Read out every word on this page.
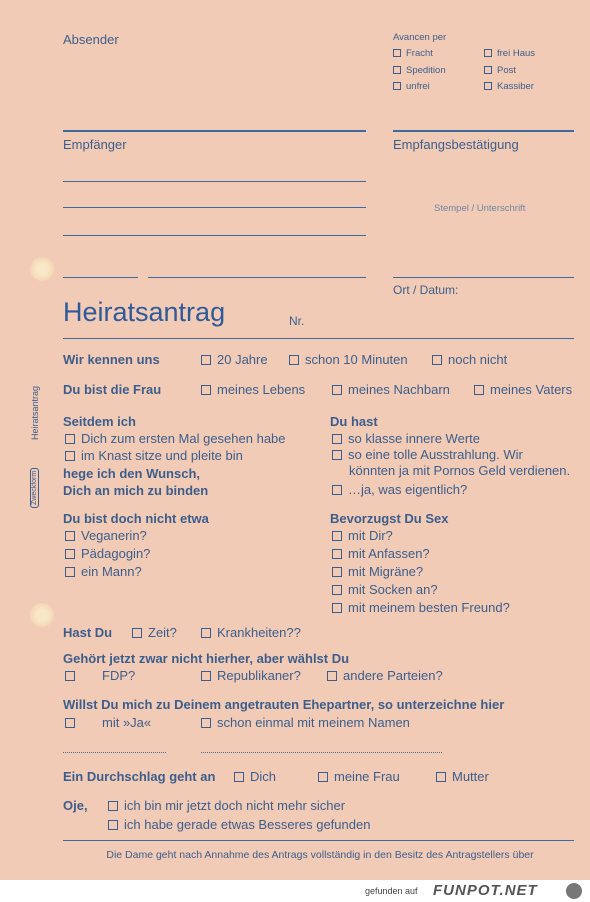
Absender	Avancen per
Fracht	frei Haus
Spedition	Post
unfrei	Kassiber
Empfänger	Empfangsbestätigung
Stempel / Unterschrift
Ort / Datum:
Heiratsantrag
Zweckform
Heiratsantrag	Nr.
Wir kennen uns	20 Jahre	schon 10 Minuten	noch nicht
Du bist die Frau	meines Lebens	meines Nachbarn	meines Vaters
Seitdem ich
Dich zum ersten Mal gesehen habe
im Knast sitze und pleite bin
hege ich den Wunsch,
Dich an mich zu binden
Du hast
so klasse innere Werte
so eine tolle Ausstrahlung. Wir
könnten ja mit Pornos Geld verdienen.
…ja, was eigentlich?
Du bist doch nicht etwa
Veganerin?
Pädagogin?
ein Mann?
Bevorzugst Du Sex
mit Dir?
mit Anfassen?
mit Migräne?
mit Socken an?
mit meinem besten Freund?
Hast Du	Zeit?	Krankheiten??
Gehört jetzt zwar nicht hierher, aber wählst Du
FDP?	Republikaner?	andere Parteien?
Willst Du mich zu Deinem angetrauten Ehepartner, so unterzeichne hier
mit »Ja«	schon einmal mit meinem Namen
Ein Durchschlag geht an	Dich	meine Frau	Mutter
Oje,	ich bin mir jetzt doch nicht mehr sicher
ich habe gerade etwas Besseres gefunden
Die Dame geht nach Annahme des Antrags vollständig in den Besitz des Antragstellers über
gefunden auf FUNPOT.NET
